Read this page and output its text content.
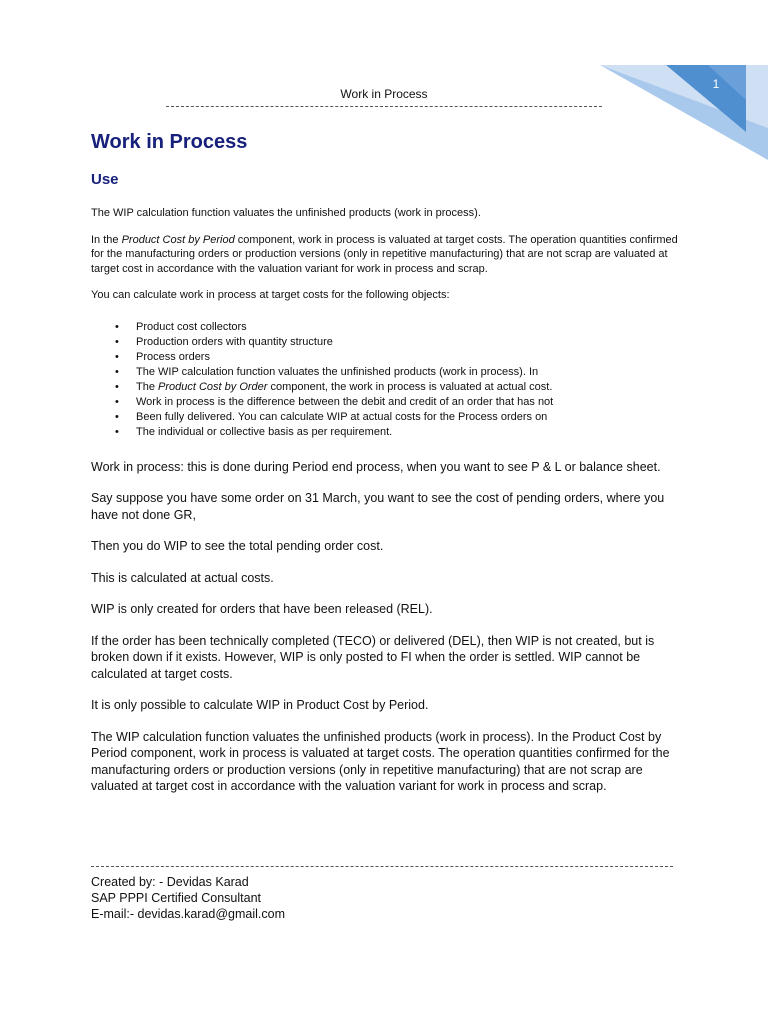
1
Work in Process
Work in Process
Use

The WIP calculation function valuates the unfinished products (work in process).

In the Product Cost by Period component, work in process is valuated at target costs. The operation quantities confirmed for the manufacturing orders or production versions (only in repetitive manufacturing) that are not scrap are valuated at target cost in accordance with the valuation variant for work in process and scrap.

You can calculate work in process at target costs for the following objects:

• Product cost collectors
• Production orders with quantity structure
• Process orders
• The WIP calculation function valuates the unfinished products (work in process). In
• The Product Cost by Order component, the work in process is valuated at actual cost.
• Work in process is the difference between the debit and credit of an order that has not
• Been fully delivered. You can calculate WIP at actual costs for the Process orders on
• The individual or collective basis as per requirement.

Work in process: this is done during Period end process, when you want to see P & L or balance sheet.

Say suppose you have some order on 31 March, you want to see the cost of pending orders, where you have not done GR,

Then you do WIP to see the total pending order cost.

This is calculated at actual costs.

WIP is only created for orders that have been released (REL).

If the order has been technically completed (TECO) or delivered (DEL), then WIP is not created, but is broken down if it exists. However, WIP is only posted to FI when the order is settled. WIP cannot be calculated at target costs.

It is only possible to calculate WIP in Product Cost by Period.

The WIP calculation function valuates the unfinished products (work in process). In the Product Cost by Period component, work in process is valuated at target costs. The operation quantities confirmed for the manufacturing orders or production versions (only in repetitive manufacturing) that are not scrap are valuated at target cost in accordance with the valuation variant for work in process and scrap.

Created by: - Devidas Karad
SAP PPPI Certified Consultant
E-mail:- devidas.karad@gmail.com
